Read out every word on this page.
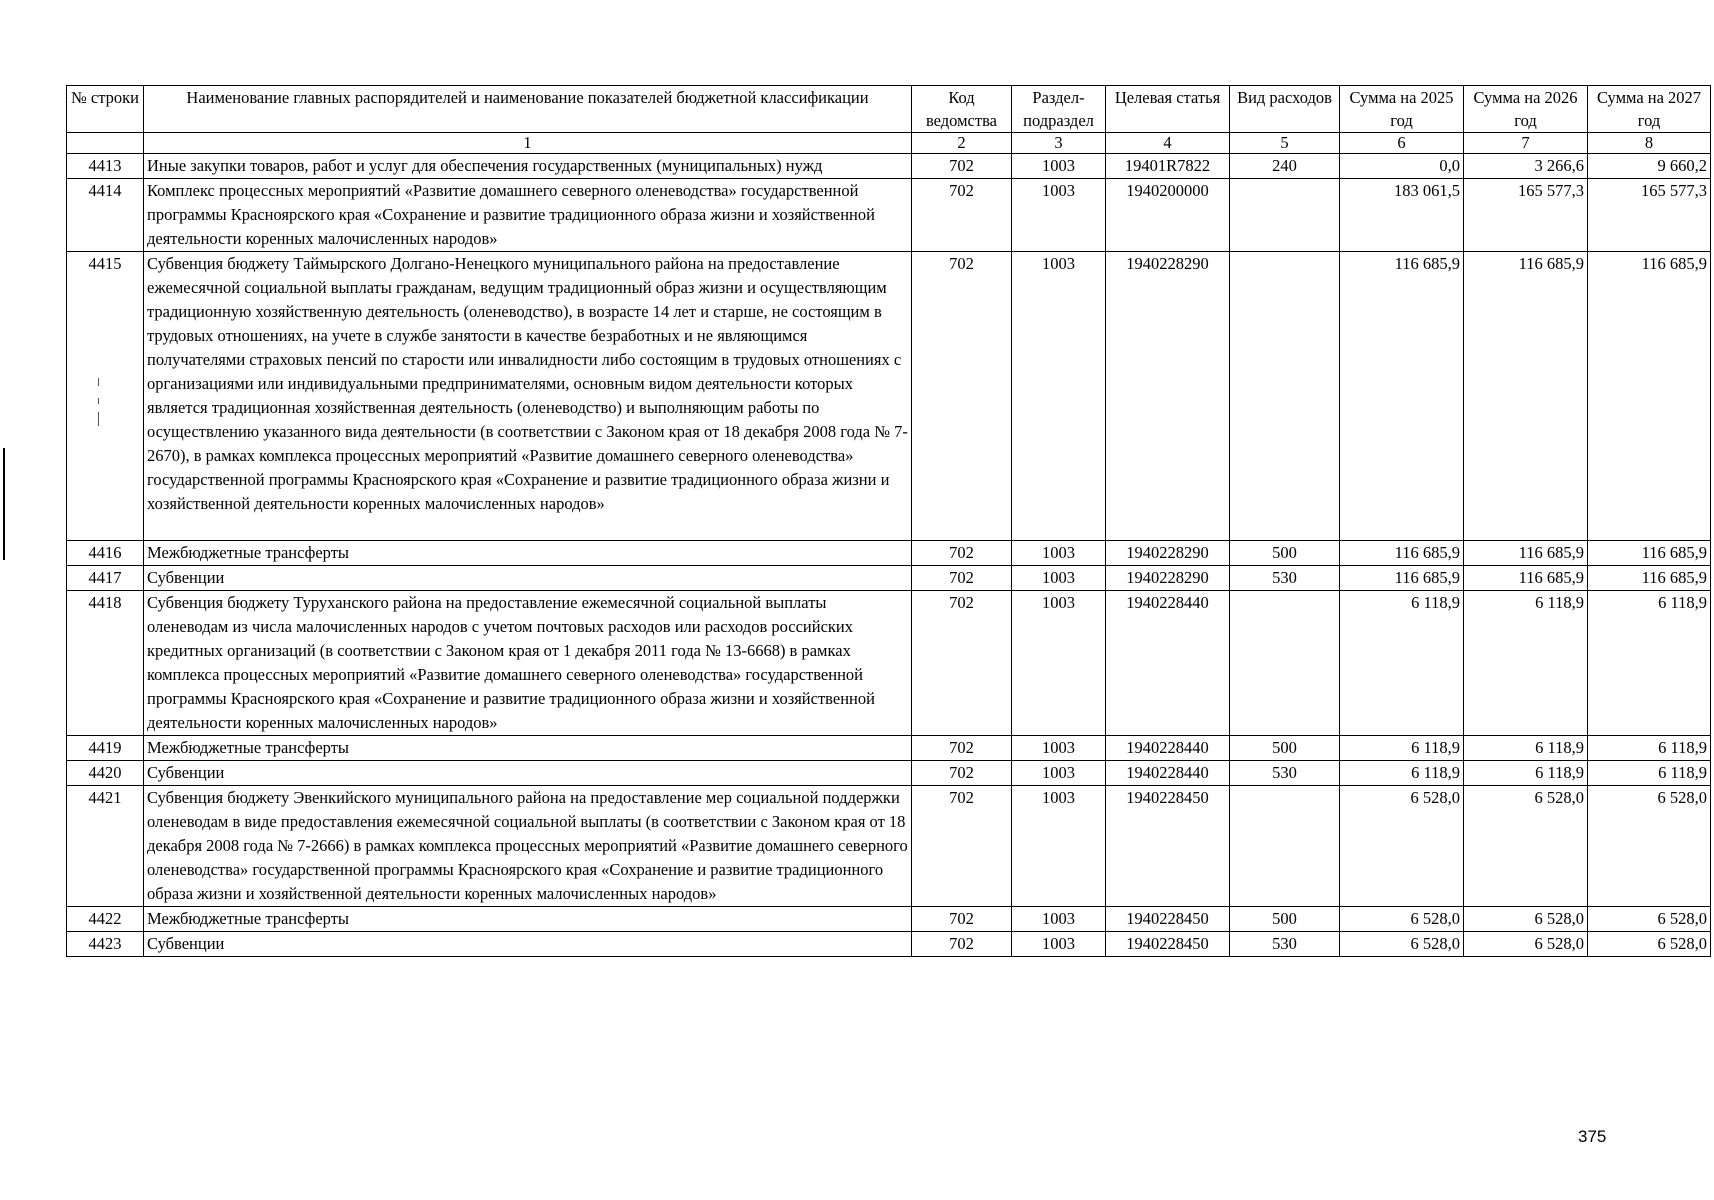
№ строки	Наименование главных распорядителей и наименование показателей бюджетной классификации	Код ведомства	Раздел-подраздел	Целевая статья	Вид расходов	Сумма на 2025 год	Сумма на 2026 год	Сумма на 2027 год
	1	2	3	4	5	6	7	8
4413	Иные закупки товаров, работ и услуг для обеспечения государственных (муниципальных) нужд	702	1003	19401R7822	240	0,0	3 266,6	9 660,2
4414	Комплекс процессных мероприятий «Развитие домашнего северного оленеводства» государственной программы Красноярского края «Сохранение и развитие традиционного образа жизни и хозяйственной деятельности коренных малочисленных народов»	702	1003	1940200000		183 061,5	165 577,3	165 577,3
4415	Субвенция бюджету Таймырского Долгано-Ненецкого муниципального района на предоставление ежемесячной социальной выплаты гражданам, ведущим традиционный образ жизни и осуществляющим традиционную хозяйственную деятельность (оленеводство), в возрасте 14 лет и старше, не состоящим в трудовых отношениях, на учете в службе занятости в качестве безработных и не являющимся получателями страховых пенсий по старости или инвалидности либо состоящим в трудовых отношениях с организациями или индивидуальными предпринимателями, основным видом деятельности которых является традиционная хозяйственная деятельность (оленеводство) и выполняющим работы по осуществлению указанного вида деятельности (в соответствии с Законом края от 18 декабря 2008 года № 7-2670), в рамках комплекса процессных мероприятий «Развитие домашнего северного оленеводства» государственной программы Красноярского края «Сохранение и развитие традиционного образа жизни и хозяйственной деятельности коренных малочисленных народов»	702	1003	1940228290		116 685,9	116 685,9	116 685,9
4416	Межбюджетные трансферты	702	1003	1940228290	500	116 685,9	116 685,9	116 685,9
4417	Субвенции	702	1003	1940228290	530	116 685,9	116 685,9	116 685,9
4418	Субвенция бюджету Туруханского района на предоставление ежемесячной социальной выплаты оленеводам из числа малочисленных народов с учетом почтовых расходов или расходов российских кредитных организаций (в соответствии с Законом края от 1 декабря 2011 года № 13-6668) в рамках комплекса процессных мероприятий «Развитие домашнего северного оленеводства» государственной программы Красноярского края «Сохранение и развитие традиционного образа жизни и хозяйственной деятельности коренных малочисленных народов»	702	1003	1940228440		6 118,9	6 118,9	6 118,9
4419	Межбюджетные трансферты	702	1003	1940228440	500	6 118,9	6 118,9	6 118,9
4420	Субвенции	702	1003	1940228440	530	6 118,9	6 118,9	6 118,9
4421	Субвенция бюджету Эвенкийского муниципального района на предоставление мер социальной поддержки оленеводам в виде предоставления ежемесячной социальной выплаты (в соответствии с Законом края от 18 декабря 2008 года № 7-2666) в рамках комплекса процессных мероприятий «Развитие домашнего северного оленеводства» государственной программы Красноярского края «Сохранение и развитие традиционного образа жизни и хозяйственной деятельности коренных малочисленных народов»	702	1003	1940228450		6 528,0	6 528,0	6 528,0
4422	Межбюджетные трансферты	702	1003	1940228450	500	6 528,0	6 528,0	6 528,0
4423	Субвенции	702	1003	1940228450	530	6 528,0	6 528,0	6 528,0
375
